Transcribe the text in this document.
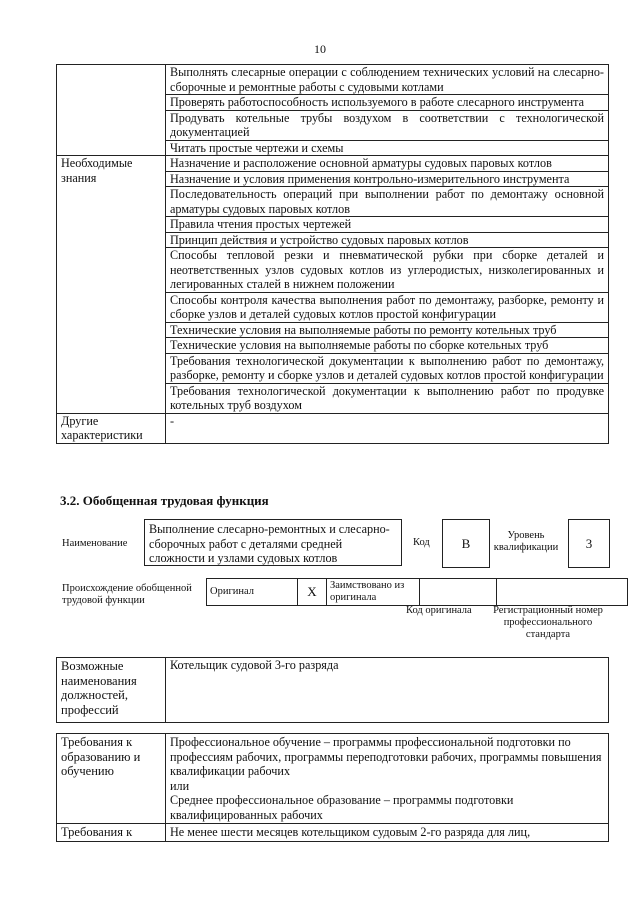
10
	Выполнять слесарные операции с соблюдением технических условий на слесарно-сборочные и ремонтные работы с судовыми котлами
	Проверять работоспособность используемого в работе слесарного инструмента
	Продувать котельные трубы воздухом в соответствии с технологической документацией
	Читать простые чертежи и схемы
Необходимые знания	Назначение и расположение основной арматуры судовых паровых котлов
	Назначение и условия применения контрольно-измерительного инструмента
	Последовательность операций при выполнении работ по демонтажу основной арматуры судовых паровых котлов
	Правила чтения простых чертежей
	Принцип действия и устройство судовых паровых котлов
	Способы тепловой резки и пневматической рубки при сборке деталей и неответственных узлов судовых котлов из углеродистых, низколегированных и легированных сталей в нижнем положении
	Способы контроля качества выполнения работ по демонтажу, разборке, ремонту и сборке узлов и деталей судовых котлов простой конфигурации
	Технические условия на выполняемые работы по ремонту котельных труб
	Технические условия на выполняемые работы по сборке котельных труб
	Требования технологической документации к выполнению работ по демонтажу, разборке, ремонту и сборке узлов и деталей судовых котлов простой конфигурации
	Требования технологической документации к выполнению работ по продувке котельных труб воздухом
Другие характеристики	-
3.2. Обобщенная трудовая функция
Наименование
Выполнение слесарно-ремонтных и слесарно-сборочных работ с деталями средней сложности и узлами судовых котлов
Код	B	Уровень квалификации	3
Происхождение обобщенной трудовой функции
Оригинал	X	Заимствовано из оригинала		
Код оригинала	Регистрационный номер профессионального стандарта
Возможные наименования должностей, профессий	Котельщик судовой 3-го разряда
Требования к образованию и обучению	Профессиональное обучение – программы профессиональной подготовки по профессиям рабочих, программы переподготовки рабочих, программы повышения квалификации рабочих
или
Среднее профессиональное образование – программы подготовки квалифицированных рабочих

Требования к	Не менее шести месяцев котельщиком судовым 2-го разряда для лиц,
